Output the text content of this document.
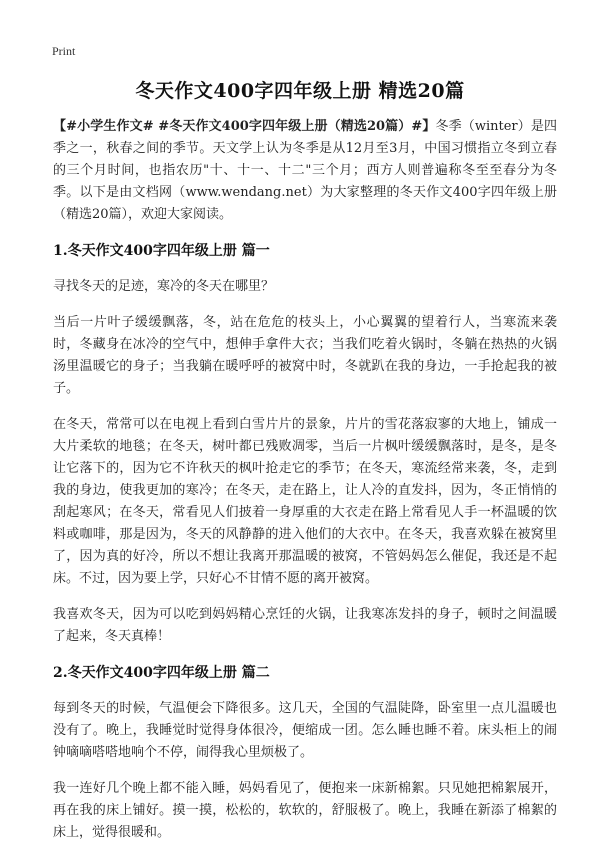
Print
冬天作文400字四年级上册 精选20篇

【#小学生作文# #冬天作文400字四年级上册（精选20篇）#】冬季（winter）是四季之一，秋春之间的季节。天文学上认为冬季是从12月至3月，中国习惯指立冬到立春的三个月时间，也指农历"十、十一、十二"三个月；西方人则普遍称冬至至春分为冬季。以下是由文档网（www.wendang.net）为大家整理的冬天作文400字四年级上册（精选20篇），欢迎大家阅读。

1.冬天作文400字四年级上册 篇一

寻找冬天的足迹，寒冷的冬天在哪里？

当后一片叶子缓缓飘落，冬，站在危危的枝头上，小心翼翼的望着行人，当寒流来袭时，冬藏身在冰冷的空气中，想伸手拿件大衣；当我们吃着火锅时，冬躺在热热的火锅汤里温暖它的身子；当我躺在暖呼呼的被窝中时，冬就趴在我的身边，一手抢起我的被子。

在冬天，常常可以在电视上看到白雪片片的景象，片片的雪花落寂寥的大地上，铺成一大片柔软的地毯；在冬天，树叶都已残败凋零，当后一片枫叶缓缓飘落时，是冬，是冬让它落下的，因为它不许秋天的枫叶抢走它的季节；在冬天，寒流经常来袭，冬，走到我的身边，使我更加的寒冷；在冬天，走在路上，让人冷的直发抖，因为，冬正悄悄的刮起寒风；在冬天，常看见人们披着一身厚重的大衣走在路上常看见人手一杯温暖的饮料或咖啡，那是因为，冬天的风静静的进入他们的大衣中。在冬天，我喜欢躲在被窝里了，因为真的好冷，所以不想让我离开那温暖的被窝，不管妈妈怎么催促，我还是不起床。不过，因为要上学，只好心不甘情不愿的离开被窝。

我喜欢冬天，因为可以吃到妈妈精心烹饪的火锅，让我寒冻发抖的身子，顿时之间温暖了起来，冬天真棒！

2.冬天作文400字四年级上册 篇二

每到冬天的时候，气温便会下降很多。这几天，全国的气温陡降，卧室里一点儿温暖也没有了。晚上，我睡觉时觉得身体很冷，便缩成一团。怎么睡也睡不着。床头柜上的闹钟嘀嘀嗒嗒地响个不停，闹得我心里烦极了。

我一连好几个晚上都不能入睡，妈妈看见了，便抱来一床新棉絮。只见她把棉絮展开，再在我的床上铺好。摸一摸，松松的，软软的，舒服极了。晚上，我睡在新添了棉絮的床上，觉得很暖和。
